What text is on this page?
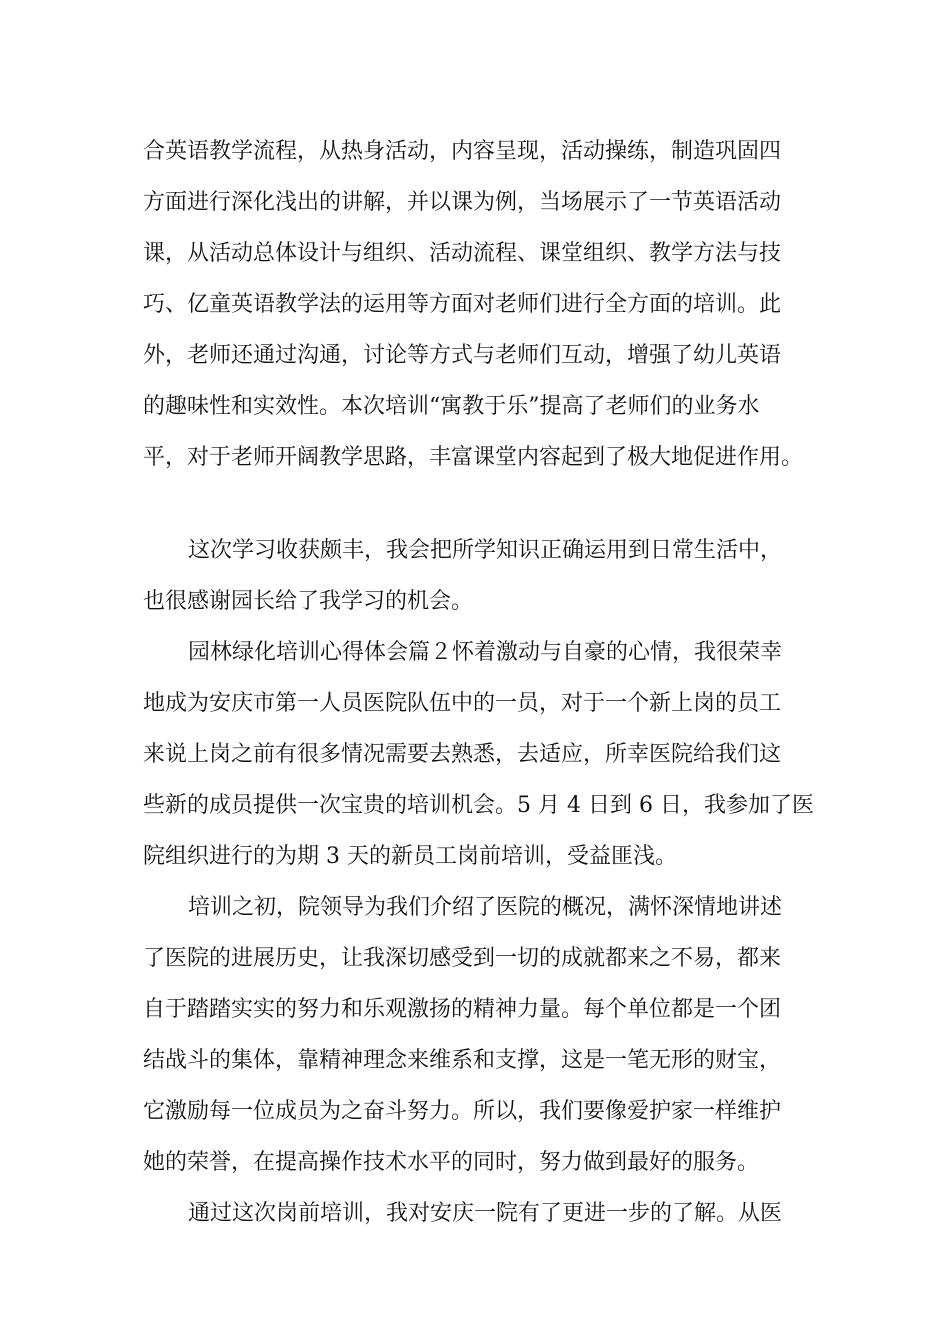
合英语教学流程，从热身活动，内容呈现，活动操练，制造巩固四
方面进行深化浅出的讲解，并以课为例，当场展示了一节英语活动
课，从活动总体设计与组织、活动流程、课堂组织、教学方法与技
巧、亿童英语教学法的运用等方面对老师们进行全方面的培训。此
外，老师还通过沟通，讨论等方式与老师们互动，增强了幼儿英语
的趣味性和实效性。本次培训“寓教于乐”提高了老师们的业务水
平，对于老师开阔教学思路，丰富课堂内容起到了极大地促进作用。
这次学习收获颇丰，我会把所学知识正确运用到日常生活中，
也很感谢园长给了我学习的机会。
园林绿化培训心得体会篇２怀着激动与自豪的心情，我很荣幸
地成为安庆市第一人员医院队伍中的一员，对于一个新上岗的员工
来说上岗之前有很多情况需要去熟悉，去适应，所幸医院给我们这
些新的成员提供一次宝贵的培训机会。5 月 4 日到 6 日，我参加了医
院组织进行的为期 3 天的新员工岗前培训，受益匪浅。
培训之初，院领导为我们介绍了医院的概况，满怀深情地讲述
了医院的进展历史，让我深切感受到一切的成就都来之不易，都来
自于踏踏实实的努力和乐观激扬的精神力量。每个单位都是一个团
结战斗的集体，靠精神理念来维系和支撑，这是一笔无形的财宝，
它激励每一位成员为之奋斗努力。所以，我们要像爱护家一样维护
她的荣誉，在提高操作技术水平的同时，努力做到最好的服务。
通过这次岗前培训，我对安庆一院有了更进一步的了解。从医
